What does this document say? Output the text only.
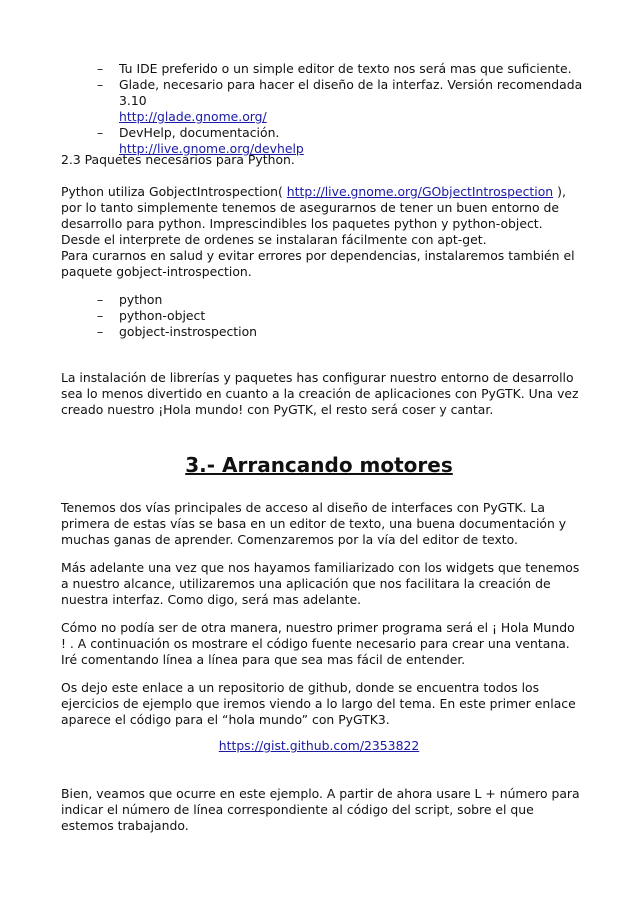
– Tu IDE preferido o un simple editor de texto nos será mas que suficiente.
– Glade, necesario para hacer el diseño de la interfaz. Versión recomendada 3.10
http://glade.gnome.org/
– DevHelp, documentación.
http://live.gnome.org/devhelp
2.3 Paquetes necesarios para Python.
Python utiliza GobjectIntrospection( http://live.gnome.org/GObjectIntrospection ), por lo tanto simplemente tenemos de asegurarnos de tener un buen entorno de desarrollo para python. Imprescindibles los paquetes python y python-object. Desde el interprete de ordenes se instalaran fácilmente con apt-get.
Para curarnos en salud y evitar errores por dependencias, instalaremos también el paquete gobject-introspection.
– python
– python-object
– gobject-instrospection
La instalación de librerías y paquetes has configurar nuestro entorno de desarrollo sea lo menos divertido en cuanto a la creación de aplicaciones con PyGTK. Una vez creado nuestro ¡Hola mundo! con PyGTK, el resto será coser y cantar.
3.- Arrancando motores
Tenemos dos vías principales de acceso al diseño de interfaces con PyGTK. La primera de estas vías se basa en un editor de texto, una buena documentación y muchas ganas de aprender. Comenzaremos por la vía del editor de texto.
Más adelante una vez que nos hayamos familiarizado con los widgets que tenemos a nuestro alcance, utilizaremos una aplicación que nos facilitara la creación de nuestra interfaz. Como digo, será mas adelante.
Cómo no podía ser de otra manera, nuestro primer programa será el ¡ Hola Mundo ! . A continuación os mostrare el código fuente necesario para crear una ventana. Iré comentando línea a línea para que sea mas fácil de entender.
Os dejo este enlace a un repositorio de github, donde se encuentra todos los ejercicios de ejemplo que iremos viendo a lo largo del tema. En este primer enlace aparece el código para el “hola mundo” con PyGTK3.
https://gist.github.com/2353822
Bien, veamos que ocurre en este ejemplo. A partir de ahora usare L + número para indicar el número de línea correspondiente al código del script, sobre el que estemos trabajando.
